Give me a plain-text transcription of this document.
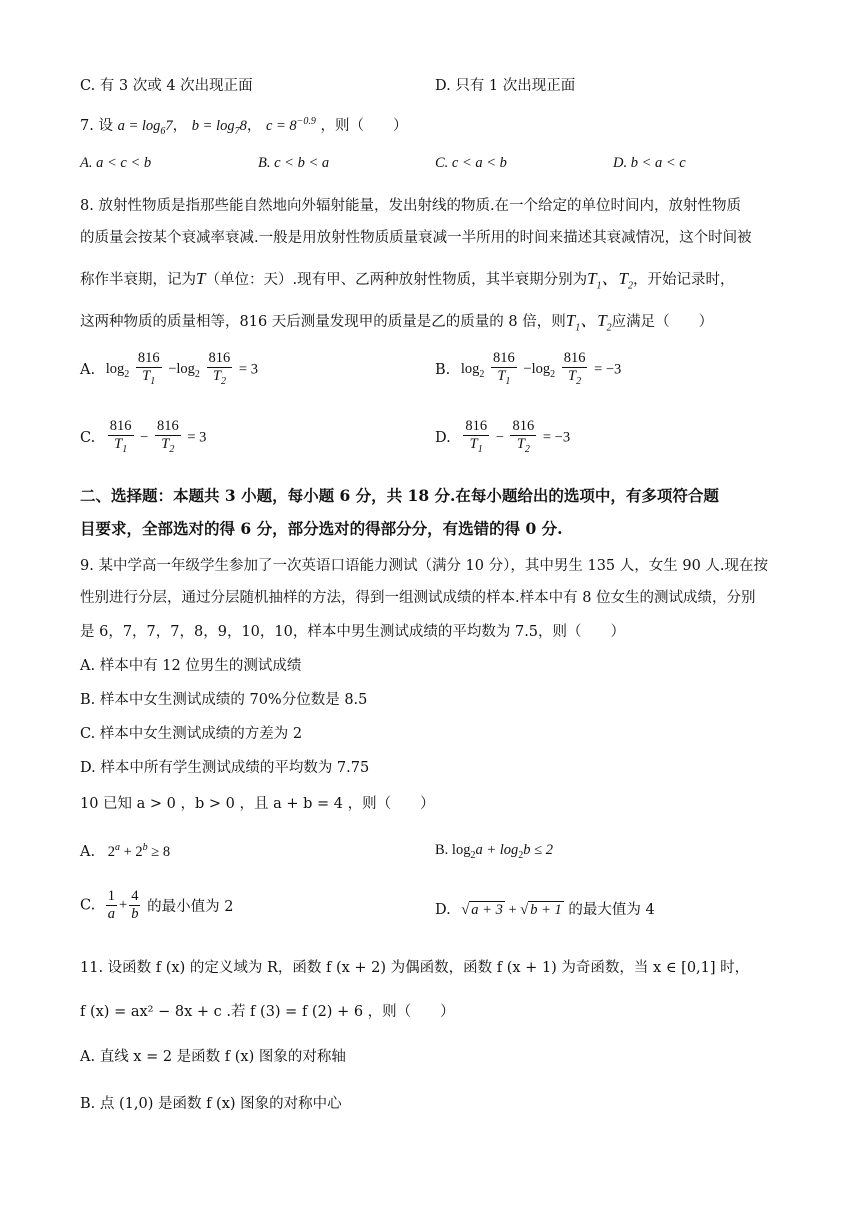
C. 有 3 次或 4 次出现正面	D. 只有 1 次出现正面
7. 设 $a = \log_67$， $b = \log_78$， $c = 8^{-0.9}$ ，则（　　）
A. a < c < b	B. c < b < a	C. c < a < b	D. b < a < c
8. 放射性物质是指那些能自然地向外辐射能量，发出射线的物质.在一个给定的单位时间内，放射性物质
的质量会按某个衰减率衰减.一般是用放射性物质质量衰减一半所用的时间来描述其衰减情况，这个时间被
称作半衰期，记为T（单位：天）.现有甲、乙两种放射性物质，其半衰期分别为$T_1$、$T_2$，开始记录时，
这两种物质的质量相等，816 天后测量发现甲的质量是乙的质量的 8 倍，则$T_1$、$T_2$应满足（　　）
A. $\log_2 \frac{816}{T_1} -\log_2 \frac{816}{T_2} = 3$	B. $\log_2 \frac{816}{T_1} -\log_2 \frac{816}{T_2} = -3$
C. $\frac{816}{T_1} - \frac{816}{T_2} = 3$	D. $\frac{816}{T_1} - \frac{816}{T_2} = -3$
二、选择题：本题共 3 小题，每小题 6 分，共 18 分.在每小题给出的选项中，有多项符合题
目要求，全部选对的得 6 分，部分选对的得部分分，有选错的得 0 分.
9. 某中学高一年级学生参加了一次英语口语能力测试（满分 10 分），其中男生 135 人，女生 90 人.现在按
性别进行分层，通过分层随机抽样的方法，得到一组测试成绩的样本.样本中有 8 位女生的测试成绩，分别
是 6，7，7，7，8，9，10，10，样本中男生测试成绩的平均数为 7.5，则（　　）
A. 样本中有 12 位男生的测试成绩
B. 样本中女生测试成绩的 70%分位数是 8.5
C. 样本中女生测试成绩的方差为 2
D. 样本中所有学生测试成绩的平均数为 7.75
10 已知 a > 0 ，b > 0 ，且 a + b = 4 ，则（　　）
A. $2^a + 2^b \ge 8$	B. $\log_2a + \log_2b \le 2$
C. $\frac{1}{a} + \frac{4}{b}$ 的最小值为 2	D. √ a + 3 + √ b + 1 的最大值为 4
11. 设函数 f (x) 的定义域为 R，函数 f (x + 2) 为偶函数，函数 f (x + 1) 为奇函数，当 x ∈ [0,1] 时，
f (x) = ax² − 8x + c .若 f (3) = f (2) + 6 ，则（　　）
A. 直线 x = 2 是函数 f (x) 图象的对称轴
B. 点 (1,0) 是函数 f (x) 图象的对称中心
